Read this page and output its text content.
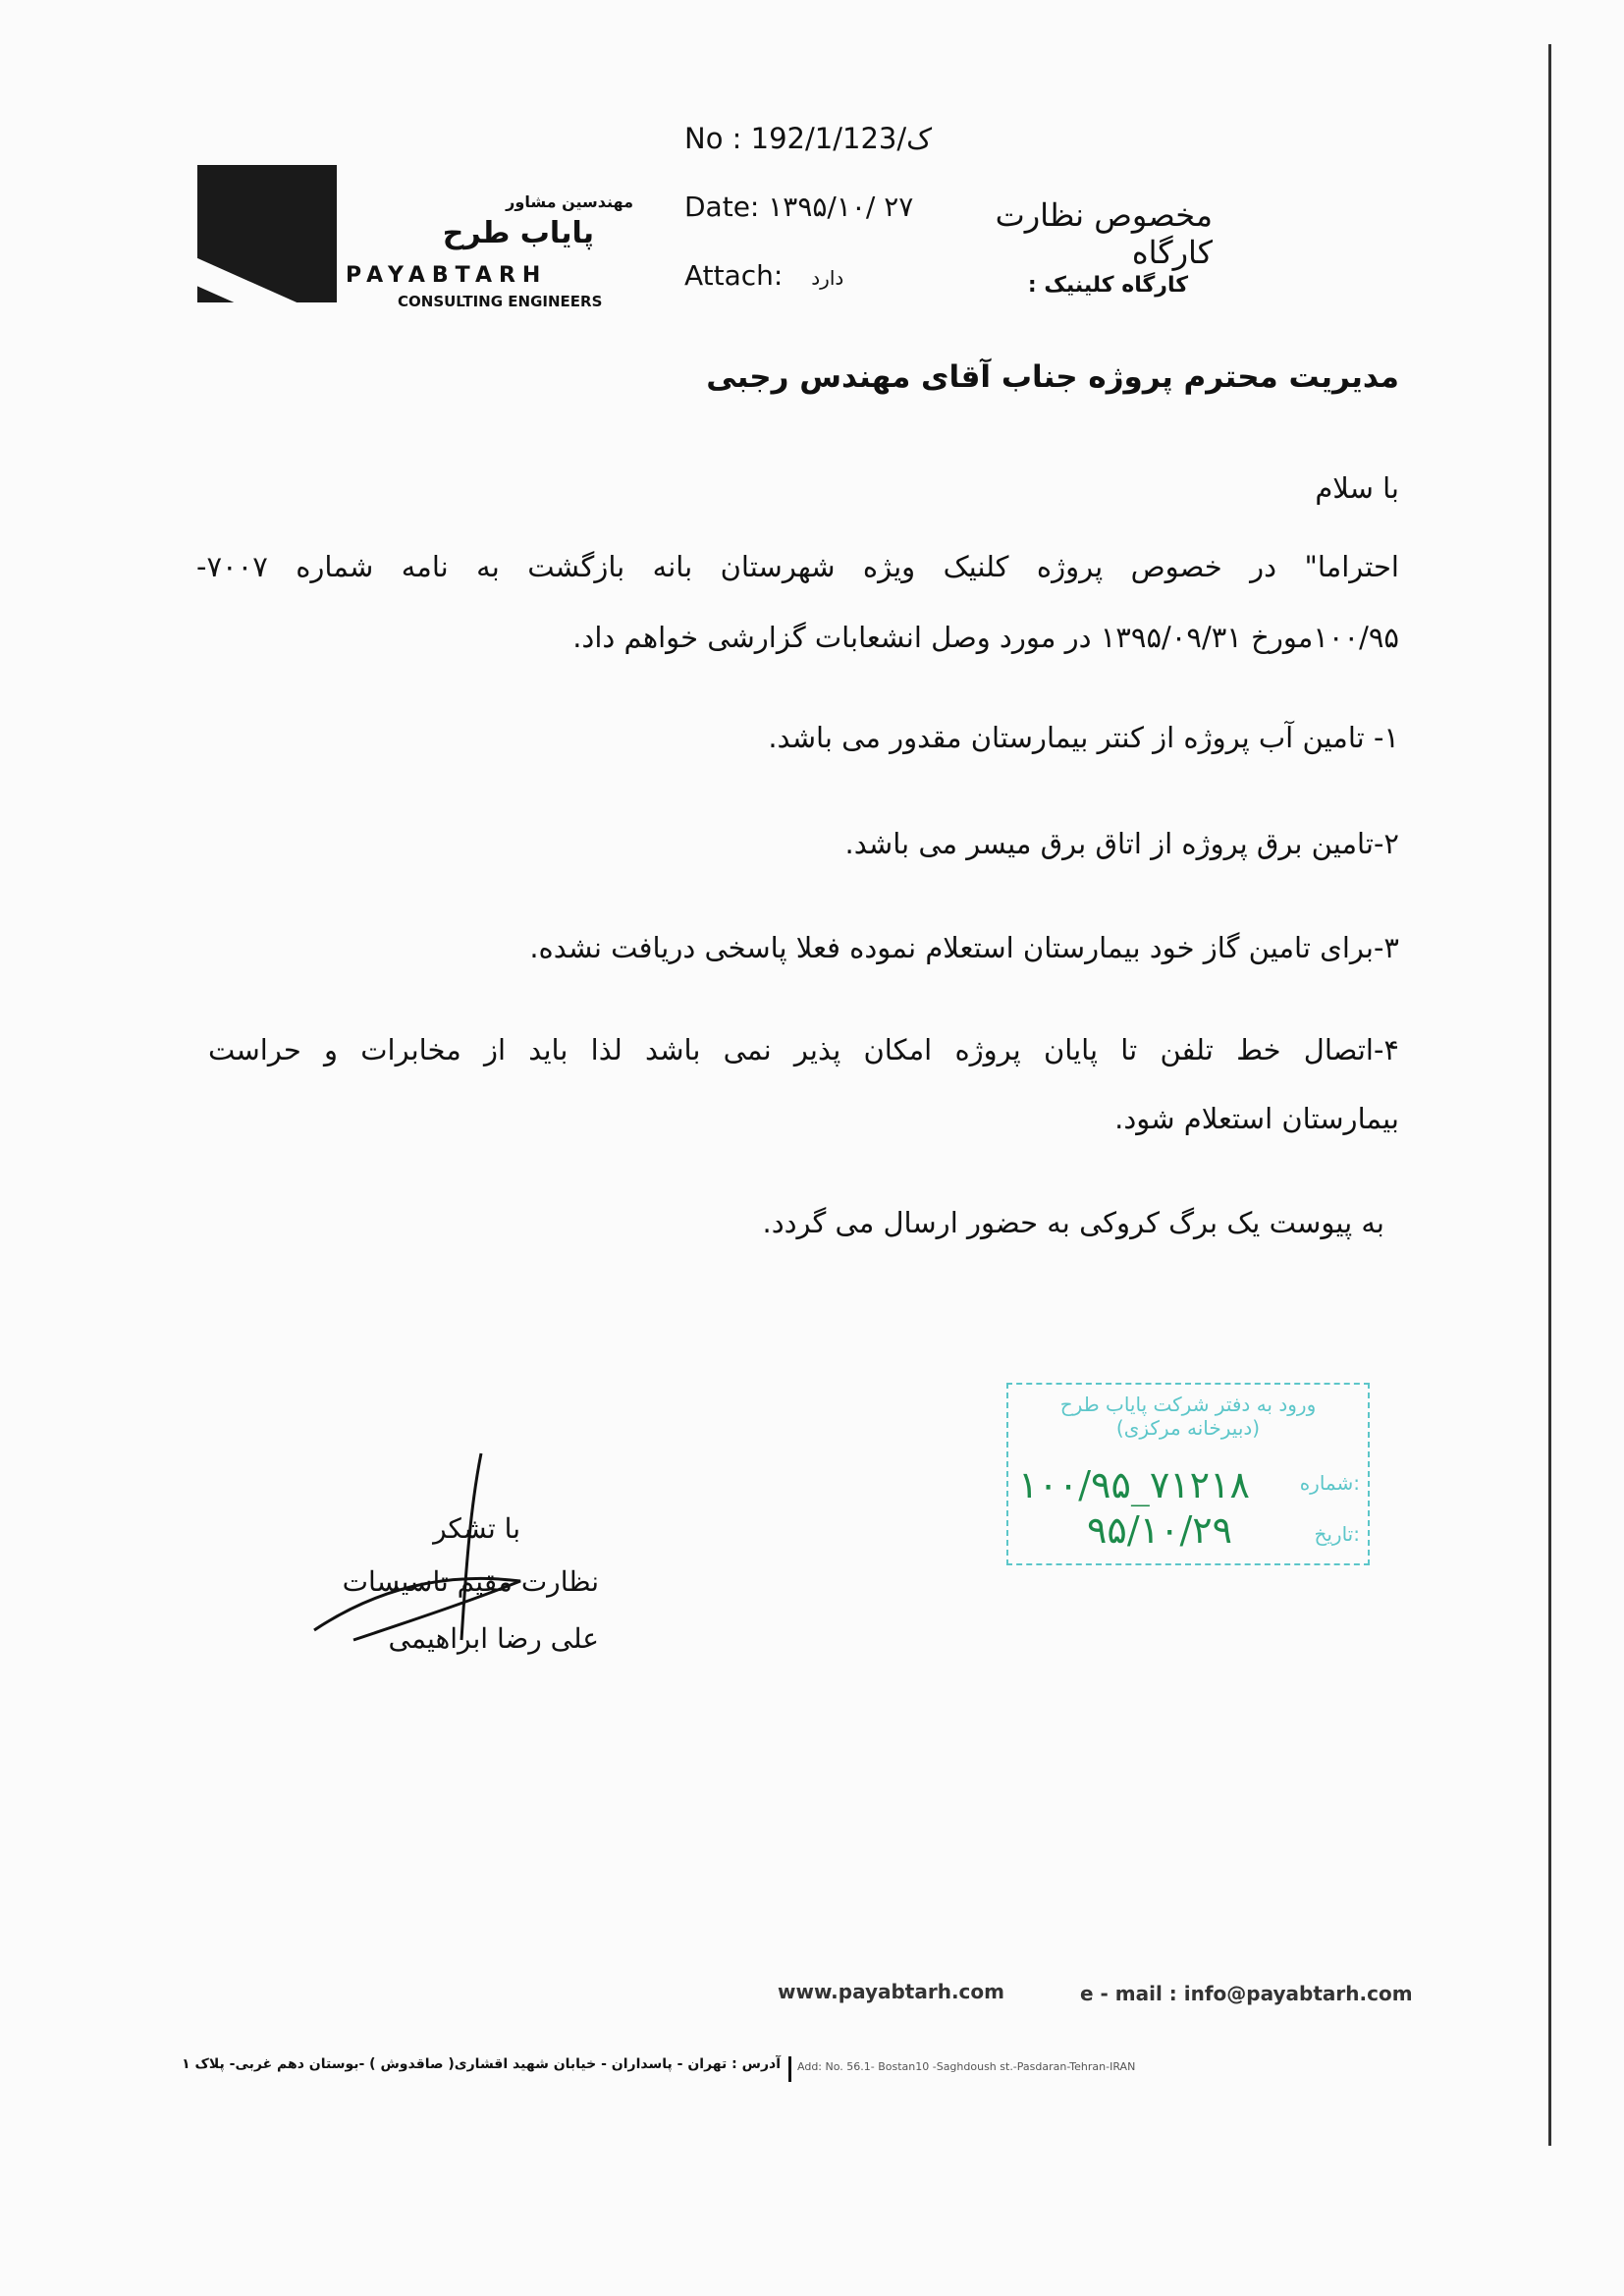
No : 192/1/ک/123
مهندسین مشاور
پایاب طرح
PAYABTARH
CONSULTING ENGINEERS
Date: ۱۳۹۵/۱۰/ ۲۷
Attach: دارد
مخصوص نظارت کارگاه
کارگاه کلینیک :
مدیریت محترم پروژه جناب آقای مهندس رجبی
با سلام
احتراما" در خصوص پروژه کلنیک ویژه شهرستان بانه بازگشت به نامه شماره ۷۰۰۷-
۱۰۰/۹۵مورخ ۱۳۹۵/۰۹/۳۱ در مورد وصل انشعابات گزارشی خواهم داد.
۱- تامین آب پروژه از کنتر بیمارستان مقدور می باشد.
۲-تامین برق پروژه از اتاق برق میسر می باشد.
۳-برای تامین گاز خود بیمارستان استعلام نموده فعلا پاسخی دریافت نشده.
۴-اتصال خط تلفن تا پایان پروژه امکان پذیر نمی باشد لذا باید از مخابرات و حراست
بیمارستان استعلام شود.
به پیوست یک برگ کروکی به حضور ارسال می گردد.
با تشکر
نظارت مقیم تاسیسات
علی رضا ابراهیمی
ورود به دفتر شرکت پایاب طرح
(دبیرخانه مرکزی)
شماره:
۱۰۰/۹۵_۷۱۲۱۸
تاریخ:
۹۵/۱۰/۲۹
www.payabtarh.com	e - mail : info@payabtarh.com
آدرس : تهران - پاسداران - خیابان شهید اقشاری( صاقدوش ) -بوستان دهم غربی- پلاک ۱ Add: No. 56.1- Bostan10 -Saghdoush st.-Pasdaran-Tehran-IRAN
